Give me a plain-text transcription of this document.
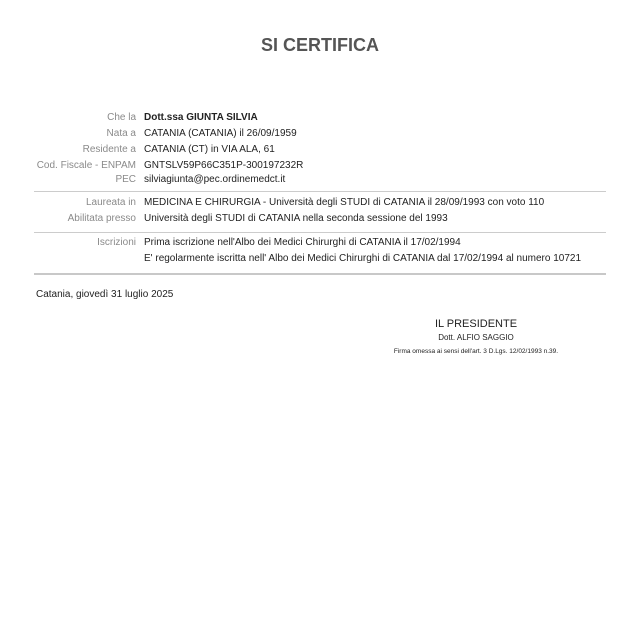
SI CERTIFICA
Che la Dott.ssa GIUNTA SILVIA
Nata a CATANIA (CATANIA) il 26/09/1959
Residente a CATANIA (CT) in VIA ALA, 61
Cod. Fiscale - ENPAM GNTSLV59P66C351P-300197232R
PEC silviagiunta@pec.ordinemedct.it
Laureata in MEDICINA E CHIRURGIA - Università degli STUDI di CATANIA il 28/09/1993 con voto 110
Abilitata presso Università degli STUDI di CATANIA nella seconda sessione del 1993
Iscrizioni Prima iscrizione nell'Albo dei Medici Chirurghi di CATANIA il 17/02/1994
E' regolarmente iscritta nell' Albo dei Medici Chirurghi di CATANIA dal 17/02/1994 al numero 10721
Catania, giovedì 31 luglio 2025
IL PRESIDENTE
Dott. ALFIO SAGGIO
Firma omessa ai sensi dell'art. 3 D.Lgs. 12/02/1993 n.39.
